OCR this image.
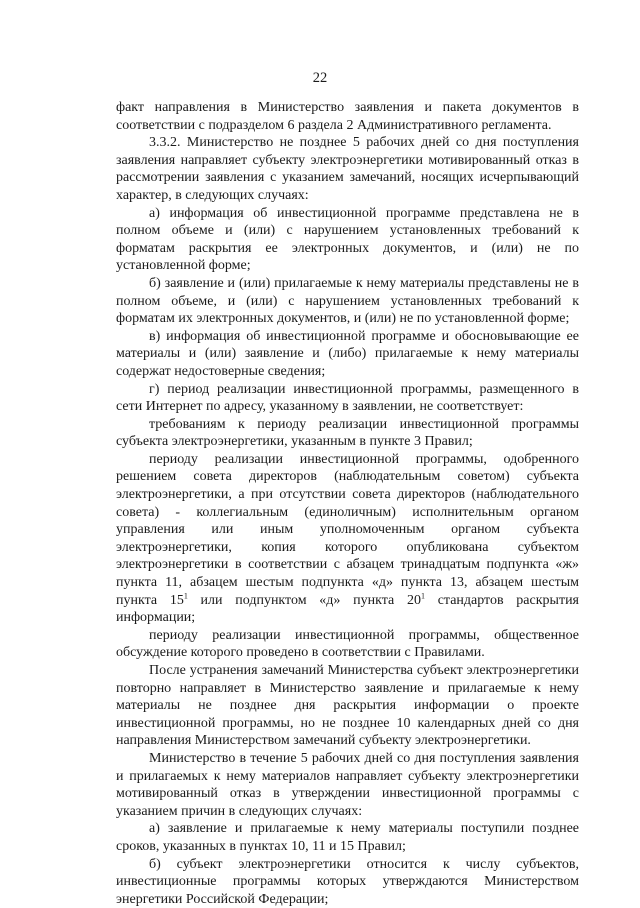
22

факт направления в Министерство заявления и пакета документов в соответствии с подразделом 6 раздела 2 Административного регламента.

3.3.2. Министерство не позднее 5 рабочих дней со дня поступления заявления направляет субъекту электроэнергетики мотивированный отказ в рассмотрении заявления с указанием замечаний, носящих исчерпывающий характер, в следующих случаях:

а) информация об инвестиционной программе представлена не в полном объеме и (или) с нарушением установленных требований к форматам раскрытия ее электронных документов, и (или) не по установленной форме;

б) заявление и (или) прилагаемые к нему материалы представлены не в полном объеме, и (или) с нарушением установленных требований к форматам их электронных документов, и (или) не по установленной форме;

в) информация об инвестиционной программе и обосновывающие ее материалы и (или) заявление и (либо) прилагаемые к нему материалы содержат недостоверные сведения;

г) период реализации инвестиционной программы, размещенного в сети Интернет по адресу, указанному в заявлении, не соответствует:

требованиям к периоду реализации инвестиционной программы субъекта электроэнергетики, указанным в пункте 3 Правил;

периоду реализации инвестиционной программы, одобренного решением совета директоров (наблюдательным советом) субъекта электроэнергетики, а при отсутствии совета директоров (наблюдательного совета) - коллегиальным (единоличным) исполнительным органом управления или иным уполномоченным органом субъекта электроэнергетики, копия которого опубликована субъектом электроэнергетики в соответствии с абзацем тринадцатым подпункта «ж» пункта 11, абзацем шестым подпункта «д» пункта 13, абзацем шестым пункта $15^1$ или подпунктом «д» пункта $20^1$ стандартов раскрытия информации;

периоду реализации инвестиционной программы, общественное обсуждение которого проведено в соответствии с Правилами.

После устранения замечаний Министерства субъект электроэнергетики повторно направляет в Министерство заявление и прилагаемые к нему материалы не позднее дня раскрытия информации о проекте инвестиционной программы, но не позднее 10 календарных дней со дня направления Министерством замечаний субъекту электроэнергетики.

Министерство в течение 5 рабочих дней со дня поступления заявления и прилагаемых к нему материалов направляет субъекту электроэнергетики мотивированный отказ в утверждении инвестиционной программы с указанием причин в следующих случаях:

а) заявление и прилагаемые к нему материалы поступили позднее сроков, указанных в пунктах 10, 11 и 15 Правил;

б) субъект электроэнергетики относится к числу субъектов, инвестиционные программы которых утверждаются Министерством энергетики Российской Федерации;
